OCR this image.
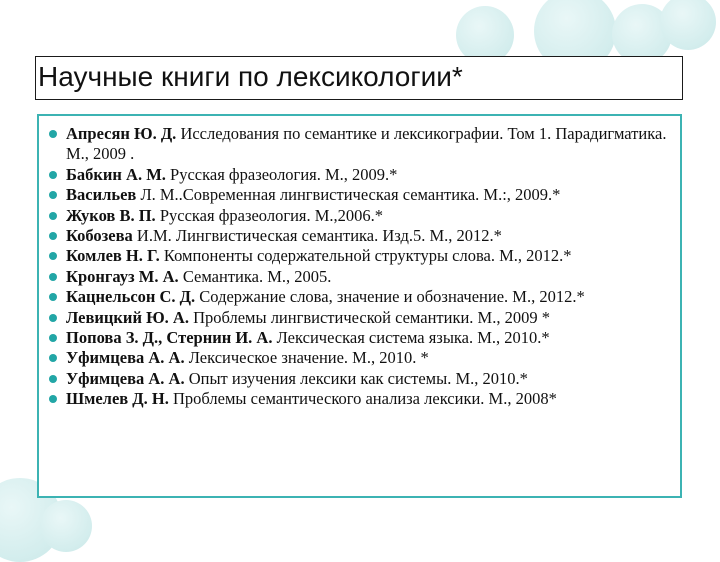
Научные книги по лексикологии*
Апресян Ю. Д. Исследования по семантике и лексикографии. Том 1. Парадигматика. М., 2009 .
Бабкин А. М. Русская фразеология. М., 2009.*
Васильев Л. М..Современная лингвистическая семантика. М.:, 2009.*
Жуков В. П. Русская фразеология. М.,2006.*
Кобозева И.М. Лингвистическая семантика. Изд.5. М., 2012.*
Комлев Н. Г. Компоненты содержательной структуры слова. М., 2012.*
Кронгауз М. А. Семантика. М., 2005.
Кацнельсон С. Д. Содержание слова, значение и обозначение. М., 2012.*
Левицкий Ю. А. Проблемы лингвистической семантики. М., 2009 *
Попова З. Д., Стернин И. А. Лексическая система языка. М., 2010.*
Уфимцева А. А. Лексическое значение. М., 2010. *
Уфимцева А. А. Опыт изучения лексики как системы. М., 2010.*
Шмелев Д. Н. Проблемы семантического анализа лексики. М., 2008*
